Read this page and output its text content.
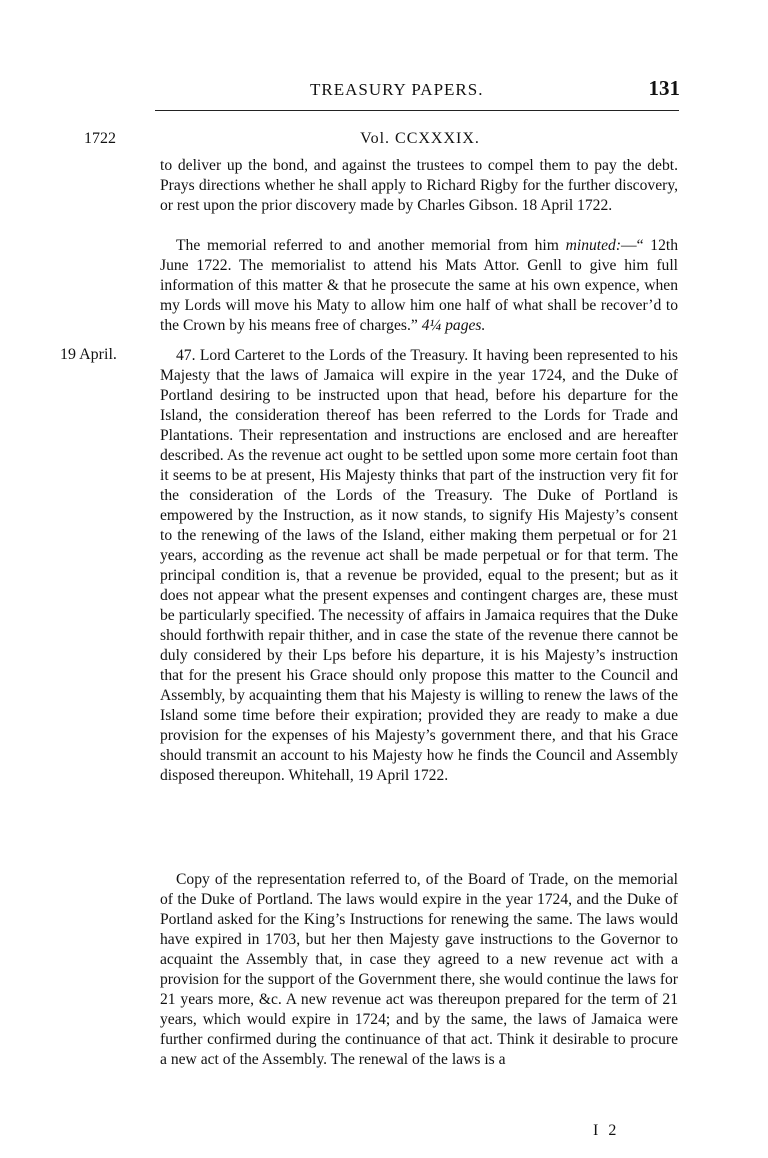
TREASURY PAPERS.	131
1722	Vol. CCXXXIX.

to deliver up the bond, and against the trustees to compel them to pay the debt. Prays directions whether he shall apply to Richard Rigby for the further discovery, or rest upon the prior discovery made by Charles Gibson. 18 April 1722.

The memorial referred to and another memorial from him minuted:—“ 12th June 1722. The memorialist to attend his Mats Attor. Genll to give him full information of this matter & that he prosecute the same at his own expence, when my Lords will move his Maty to allow him one half of what shall be recover’d to the Crown by his means free of charges.” 4¼ pages.

19 April.	47. Lord Carteret to the Lords of the Treasury. It having been represented to his Majesty that the laws of Jamaica will expire in the year 1724, and the Duke of Portland desiring to be instructed upon that head, before his departure for the Island, the consideration thereof has been referred to the Lords for Trade and Plantations. Their representation and instructions are enclosed and are hereafter described. As the revenue act ought to be settled upon some more certain foot than it seems to be at present, His Majesty thinks that part of the instruction very fit for the consideration of the Lords of the Treasury. The Duke of Portland is empowered by the Instruction, as it now stands, to signify His Majesty’s consent to the renewing of the laws of the Island, either making them perpetual or for 21 years, according as the revenue act shall be made perpetual or for that term. The principal condition is, that a revenue be provided, equal to the present; but as it does not appear what the present expenses and contingent charges are, these must be particularly specified. The necessity of affairs in Jamaica requires that the Duke should forthwith repair thither, and in case the state of the revenue there cannot be duly considered by their Lps before his departure, it is his Majesty’s instruction that for the present his Grace should only propose this matter to the Council and Assembly, by acquainting them that his Majesty is willing to renew the laws of the Island some time before their expiration; provided they are ready to make a due provision for the expenses of his Majesty’s government there, and that his Grace should transmit an account to his Majesty how he finds the Council and Assembly disposed thereupon. Whitehall, 19 April 1722.

Copy of the representation referred to, of the Board of Trade, on the memorial of the Duke of Portland. The laws would expire in the year 1724, and the Duke of Portland asked for the King’s Instructions for renewing the same. The laws would have expired in 1703, but her then Majesty gave instructions to the Governor to acquaint the Assembly that, in case they agreed to a new revenue act with a provision for the support of the Government there, she would continue the laws for 21 years more, &c. A new revenue act was thereupon prepared for the term of 21 years, which would expire in 1724; and by the same, the laws of Jamaica were further confirmed during the continuance of that act. Think it desirable to procure a new act of the Assembly. The renewal of the laws is a

I 2
